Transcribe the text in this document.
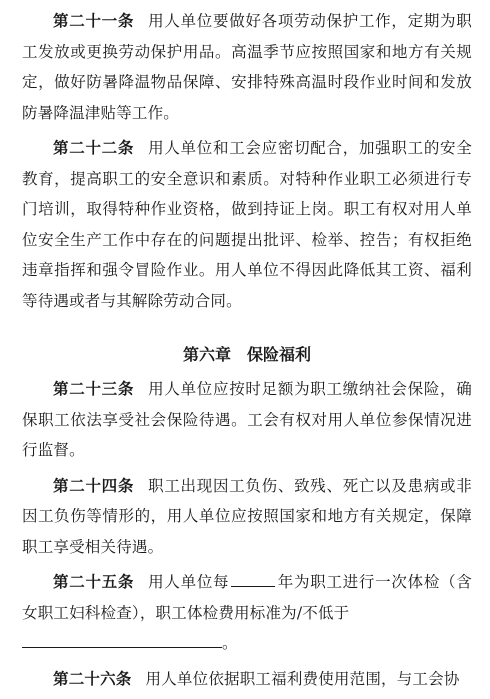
第二十一条 用人单位要做好各项劳动保护工作，定期为职工发放或更换劳动保护用品。高温季节应按照国家和地方有关规定，做好防暑降温物品保障、安排特殊高温时段作业时间和发放防暑降温津贴等工作。

第二十二条 用人单位和工会应密切配合，加强职工的安全教育，提高职工的安全意识和素质。对特种作业职工必须进行专门培训，取得特种作业资格，做到持证上岗。职工有权对用人单位安全生产工作中存在的问题提出批评、检举、控告；有权拒绝违章指挥和强令冒险作业。用人单位不得因此降低其工资、福利等待遇或者与其解除劳动合同。

第六章　保险福利

第二十三条 用人单位应按时足额为职工缴纳社会保险，确保职工依法享受社会保险待遇。工会有权对用人单位参保情况进行监督。

第二十四条 职工出现因工负伤、致残、死亡以及患病或非因工负伤等情形的，用人单位应按照国家和地方有关规定，保障职工享受相关待遇。

第二十五条 用人单位每	年为职工进行一次体检（含女职工妇科检查），职工体检费用标准为/不低于
。

第二十六条 用人单位依据职工福利费使用范围，与工会协
